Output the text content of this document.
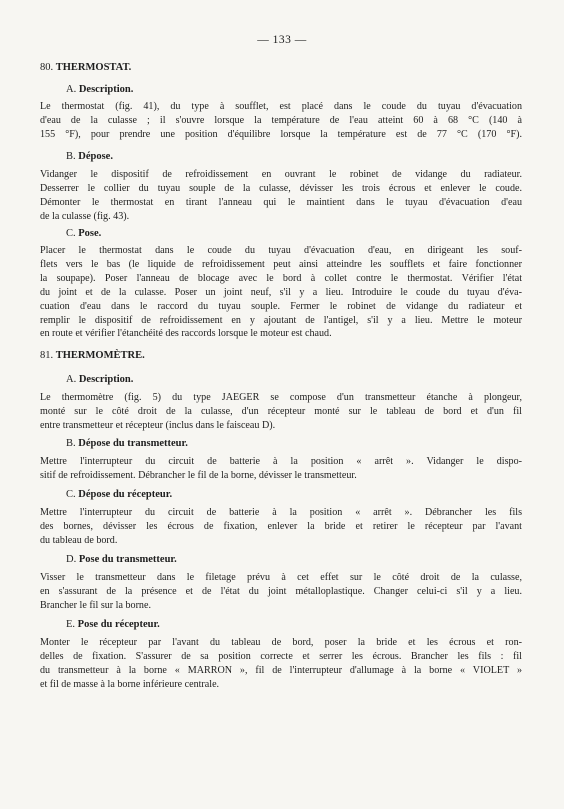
— 133 —
80. THERMOSTAT.
A. Description.
Le thermostat (fig. 41), du type à soufflet, est placé dans le coude du tuyau d'évacuation
d'eau de la culasse ; il s'ouvre lorsque la température de l'eau atteint 60 à 68 °C (140 à
155 °F), pour prendre une position d'équilibre lorsque la température est de 77 °C (170 °F).
B. Dépose.
Vidanger le dispositif de refroidissement en ouvrant le robinet de vidange du radiateur.
Desserrer le collier du tuyau souple de la culasse, dévisser les trois écrous et enlever le coude.
Démonter le thermostat en tirant l'anneau qui le maintient dans le tuyau d'évacuation d'eau
de la culasse (fig. 43).
C. Pose.
Placer le thermostat dans le coude du tuyau d'évacuation d'eau, en dirigeant les souf-
flets vers le bas (le liquide de refroidissement peut ainsi atteindre les soufflets et faire fonctionner
la soupape). Poser l'anneau de blocage avec le bord à collet contre le thermostat. Vérifier l'état
du joint et de la culasse. Poser un joint neuf, s'il y a lieu. Introduire le coude du tuyau d'éva-
cuation d'eau dans le raccord du tuyau souple. Fermer le robinet de vidange du radiateur et
remplir le dispositif de refroidissement en y ajoutant de l'antigel, s'il y a lieu. Mettre le moteur
en route et vérifier l'étanchéité des raccords lorsque le moteur est chaud.
81. THERMOMÈTRE.
A. Description.
Le thermomètre (fig. 5) du type JAEGER se compose d'un transmetteur étanche à plongeur,
monté sur le côté droit de la culasse, d'un récepteur monté sur le tableau de bord et d'un fil
entre transmetteur et récepteur (inclus dans le faisceau D).
B. Dépose du transmetteur.
Mettre l'interrupteur du circuit de batterie à la position « arrêt ». Vidanger le dispo-
sitif de refroidissement. Débrancher le fil de la borne, dévisser le transmetteur.
C. Dépose du récepteur.
Mettre l'interrupteur du circuit de batterie à la position « arrêt ». Débrancher les fils
des bornes, dévisser les écrous de fixation, enlever la bride et retirer le récepteur par l'avant
du tableau de bord.
D. Pose du transmetteur.
Visser le transmetteur dans le filetage prévu à cet effet sur le côté droit de la culasse,
en s'assurant de la présence et de l'état du joint métalloplastique. Changer celui-ci s'il y a lieu.
Brancher le fil sur la borne.
E. Pose du récepteur.
Monter le récepteur par l'avant du tableau de bord, poser la bride et les écrous et ron-
delles de fixation. S'assurer de sa position correcte et serrer les écrous. Brancher les fils : fil
du transmetteur à la borne « MARRON », fil de l'interrupteur d'allumage à la borne « VIOLET »
et fil de masse à la borne inférieure centrale.
